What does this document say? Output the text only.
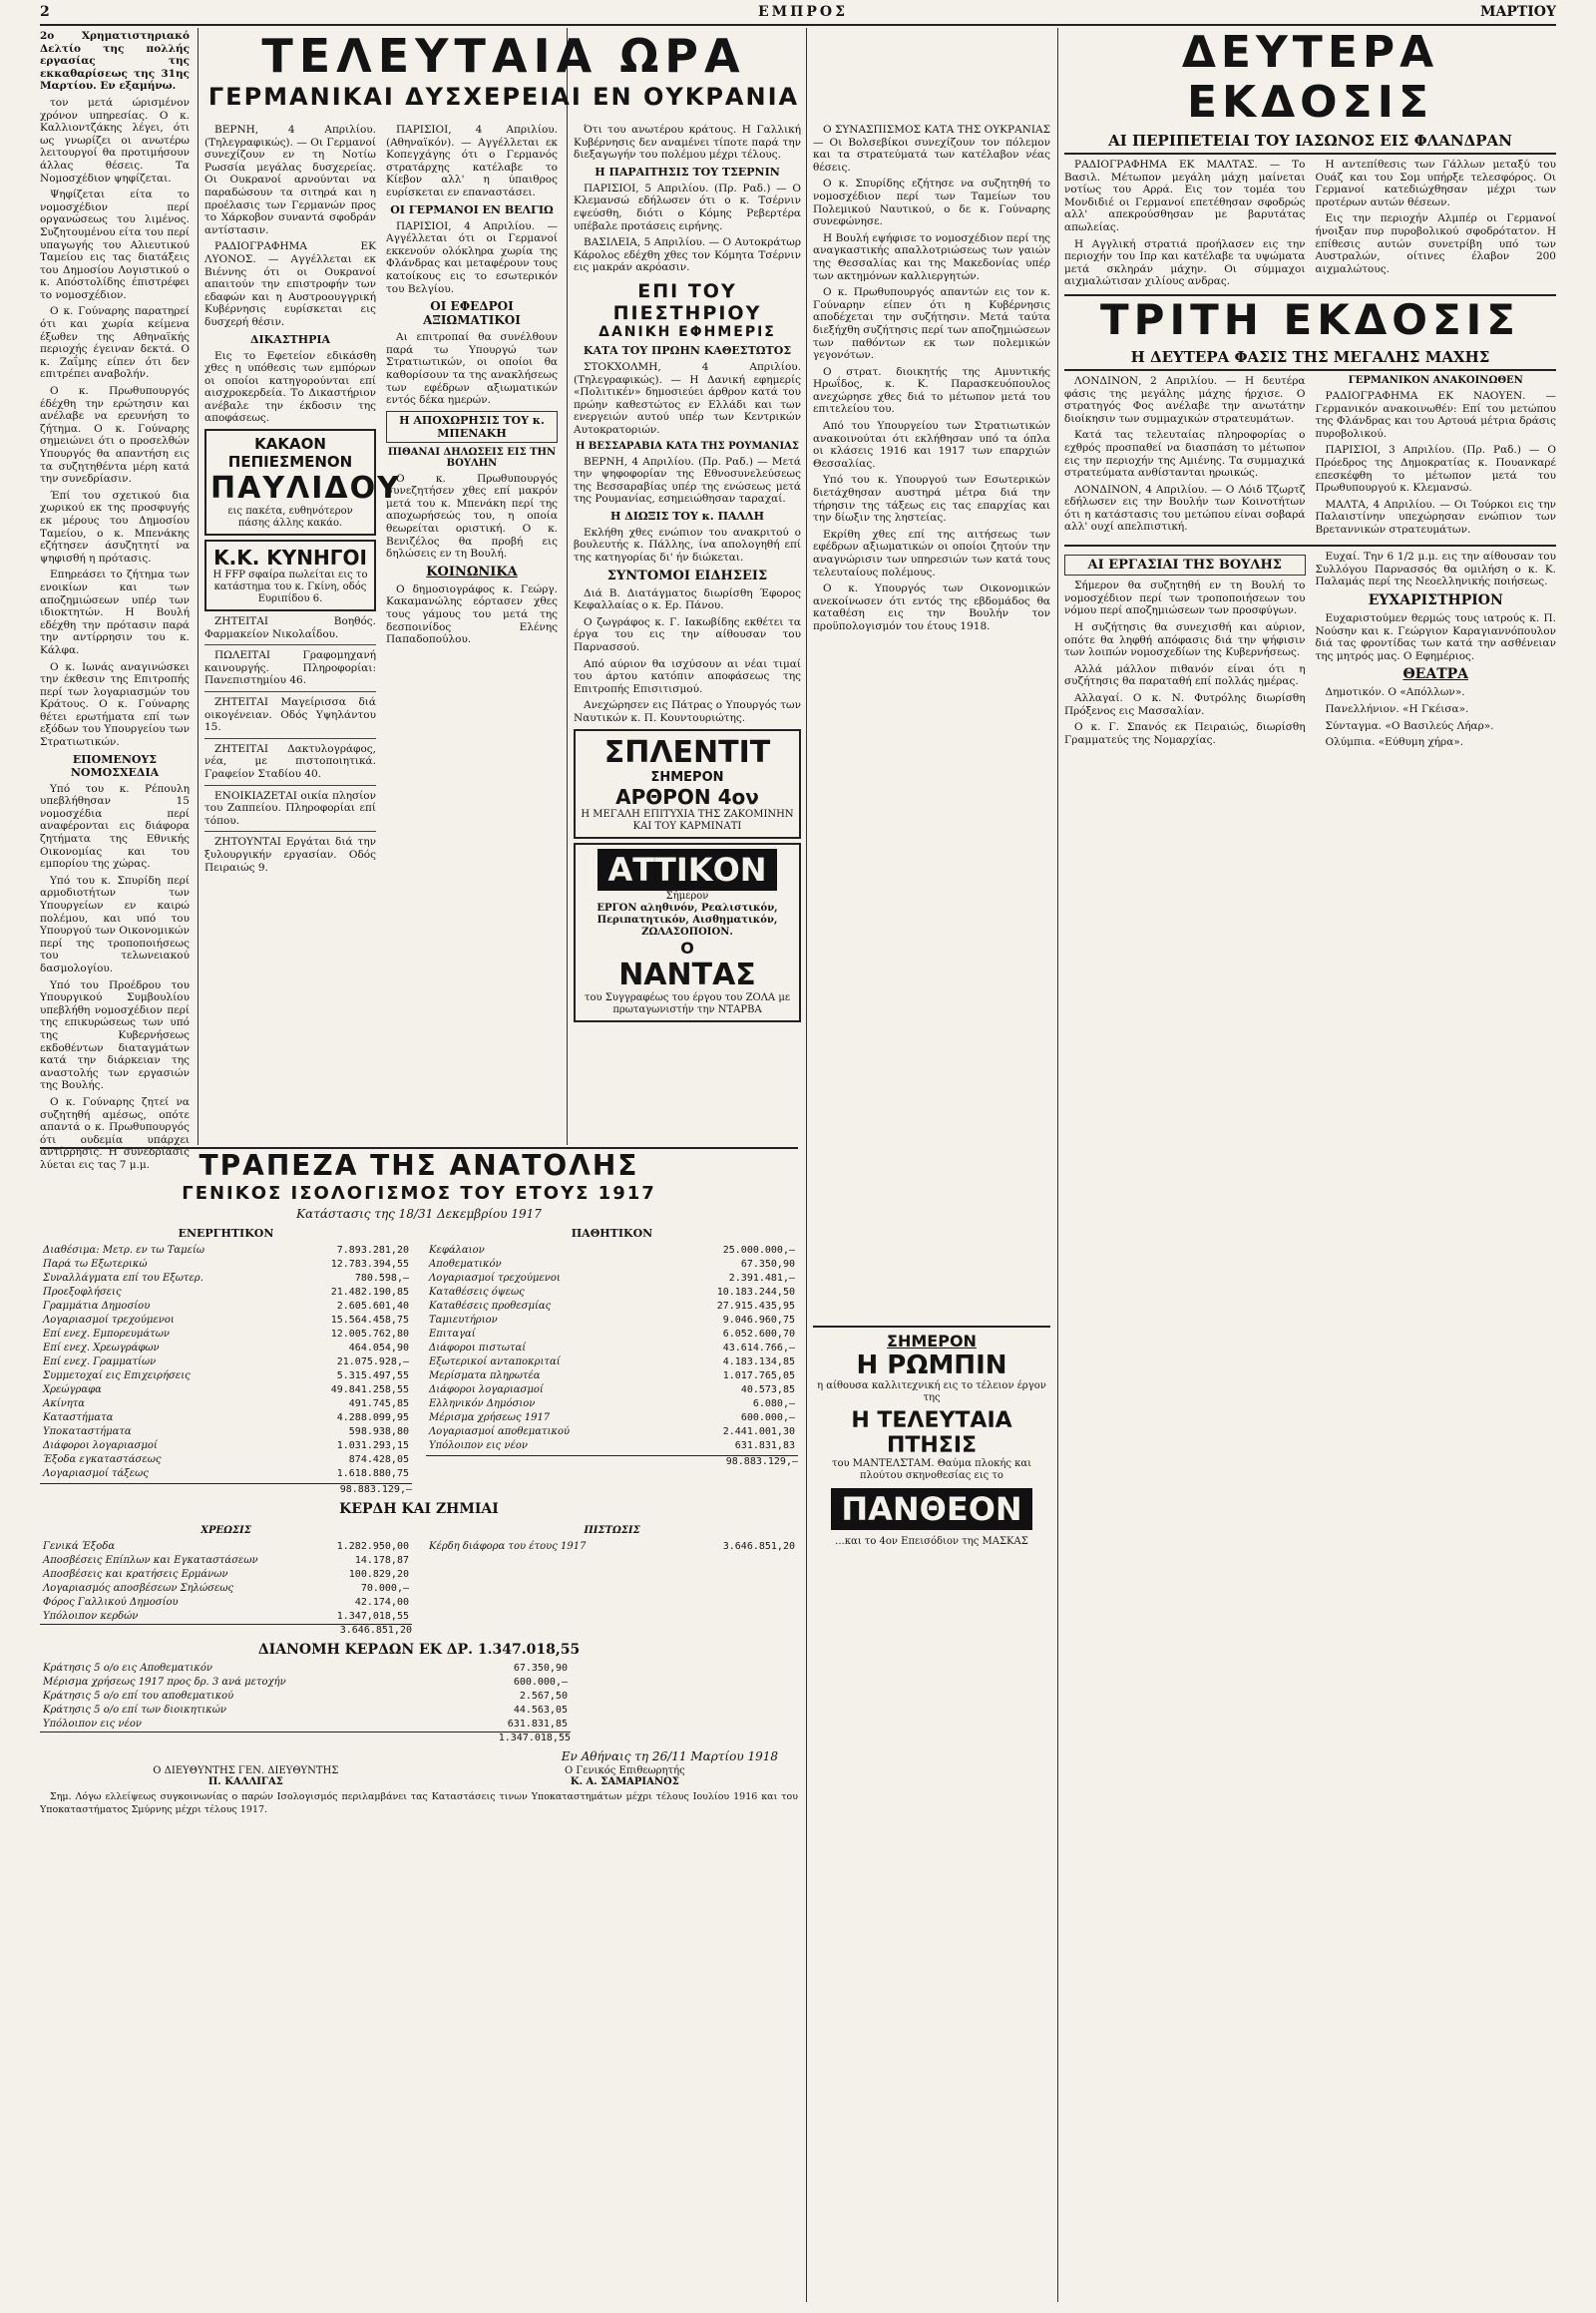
2	ΕΜΠΡΟΣ	ΜΑΡΤΙΟΥ

2ο Χρηματιστηριακό Δελτίο της πολλής εργασίας της εκκαθαρίσεως της 31ης Μαρτίου. Εν εξαμήνω.

τον μετά ώρισμένον χρόνον υπηρεσίας. Ο κ. Καλλιοντζάκης λέγει, ότι ως γνωρίζει οι ανωτέρω λειτουργοί θα προτιμήσουν άλλας θέσεις. Τα Νομοσχέδιον ψηφίζεται.

Ψηφίζεται είτα το νομοσχέδιον περί οργανώσεως του λιμένος. Συζητουμένου είτα του περί υπαγωγής του Αλιευτικού Ταμείου εις τας διατάξεις του Δημοσίου Λογιστικού ο κ. Απόστολίδης έπιστρέφει το νομοσχέδιον.

Ο κ. Γούναρης παρατηρεί ότι και χωρία κείμενα έξωθεν της Αθηναϊκής περιοχής έγειναν δεκτά. Ο κ. Ζαΐμης είπεν ότι δεν επιτρέπει αναβολήν.

Ο κ. Πρωθυπουργός έδέχθη την ερώτησιν και ανέλαβε να ερευνήση το ζήτημα. Ο κ. Γούναρης σημειώνει ότι ο προσελθών Υπουργός θα απαντήση εις τα συζητηθέντα μέρη κατά την συνεδρίασιν.

Έπί του σχετικού δια χωρικού εκ της προσφυγής εκ μέρους του Δημοσίου Ταμείου, ο κ. Μπενάκης εζήτησεν άσυζητητί να ψηφισθή η πρότασις.

Επηρεάσει το ζήτημα των ενοικίων και των αποζημιώσεων υπέρ των ιδιοκτητών. Η Βουλή εδέχθη την πρότασιν παρά την αντίρρησιν του κ. Κάλφα.

Ο κ. Ιωνάς αναγινώσκει την έκθεσιν της Επιτροπής περί των λογαριασμών του Κράτους. Ο κ. Γούναρης θέτει ερωτήματα επί των εξόδων του Υπουργείου των Στρατιωτικών.

ΕΠΟΜΕΝΟΥΣ ΝΟΜΟΣΧΕΔΙΑ

Υπό του κ. Ρέπουλη υπεβλήθησαν 15 νομοσχέδια περί αναφέρονται εις διάφορα ζητήματα της Εθνικής Οικονομίας και του εμπορίου της χώρας.

Υπό του κ. Σπυρίδη περί αρμοδιοτήτων των Υπουργείων εν καιρώ πολέμου, και υπό του Υπουργού των Οικονομικών περί της τροποποιήσεως του τελωνειακού δασμολογίου.

Υπό του Προέδρου του Υπουργικού Συμβουλίου υπεβλήθη νομοσχέδιον περί της επικυρώσεως των υπό της Κυβερνήσεως εκδοθέντων διαταγμάτων κατά την διάρκειαν της αναστολής των εργασιών της Βουλής.

Ο κ. Γούναρης ζητεί να συζητηθή αμέσως, οπότε απαντά ο κ. Πρωθυπουργός ότι ουδεμία υπάρχει αντίρρησις. Η συνεδρίασις λύεται εις τας 7 μ.μ.

ΤΕΛΕΥΤΑΙΑ ΩΡΑ
ΓΕΡΜΑΝΙΚΑΙ ΔΥΣΧΕΡΕΙΑΙ ΕΝ ΟΥΚΡΑΝΙΑ

ΒΕΡΝΗ, 4 Απριλίου. (Τηλεγραφικώς). — Οι Γερμανοί συνεχίζουν εν τη Νοτίω Ρωσσία μεγάλας δυσχερείας. Οι Ουκρανοί αρνούνται να παραδώσουν τα σιτηρά και η προέλασις των Γερμανών προς το Χάρκοβον συναντά σφοδράν αντίστασιν.

ΡΑΔΙΟΓΡΑΦΗΜΑ ΕΚ ΛΥΟΝΟΣ. — Αγγέλλεται εκ Βιέννης ότι οι Ουκρανοί απαιτούν την επιστροφήν των εδαφών και η Αυστροουγγρική Κυβέρνησις ευρίσκεται εις δυσχερή θέσιν.

ΔΙΚΑΣΤΗΡΙΑ

Εις το Εφετείον εδικάσθη χθες η υπόθεσις των εμπόρων οι οποίοι κατηγορούνται επί αισχροκερδεία. Το Δικαστήριον ανέβαλε την έκδοσιν της αποφάσεως.

ΚΑΚΑΟΝ ΠΕΠΙΕΣΜΕΝΟΝ
ΠΑΥΛΙΔΟΥ
εις πακέτα, ευθηνότερον πάσης άλλης κακάο.
Κ.Κ. ΚΥΝΗΓΟΙ
Η FFP σφαίρα πωλείται εις το κατάστημα του κ. Γκίνη, οδός Ευριπίδου 6.

ΖΗΤΕΙΤΑΙ Βοηθός. Φαρμακείον Νικολαΐδου.

ΠΩΛΕΙΤΑΙ Γραφομηχανή καινουργής. Πληροφορίαι: Πανεπιστημίου 46.

ΖΗΤΕΙΤΑΙ Μαγείρισσα διά οικογένειαν. Οδός Υψηλάντου 15.

ΖΗΤΕΙΤΑΙ Δακτυλογράφος, νέα, με πιστοποιητικά. Γραφείον Σταδίου 40.

ΕΝΟΙΚΙΑΖΕΤΑΙ οικία πλησίον του Ζαππείου. Πληροφορίαι επί τόπου.

ΖΗΤΟΥΝΤΑΙ Εργάται διά την ξυλουργικήν εργασίαν. Οδός Πειραιώς 9.

ΠΑΡΙΣΙΟΙ, 4 Απριλίου. (Αθηναϊκόν). — Αγγέλλεται εκ Κοπεγχάγης ότι ο Γερμανός στρατάρχης κατέλαβε το Κίεβον αλλ' η ύπαιθρος ευρίσκεται εν επαναστάσει.

ΟΙ ΓΕΡΜΑΝΟΙ ΕΝ ΒΕΛΓΙΩ

ΠΑΡΙΣΙΟΙ, 4 Απριλίου. — Αγγέλλεται ότι οι Γερμανοί εκκενούν ολόκληρα χωρία της Φλάνδρας και μεταφέρουν τους κατοίκους εις το εσωτερικόν του Βελγίου.

ΟΙ ΕΦΕΔΡΟΙ ΑΞΙΩΜΑΤΙΚΟΙ

Αι επιτροπαί θα συνέλθουν παρά τω Υπουργώ των Στρατιωτικών, οι οποίοι θα καθορίσουν τα της ανακλήσεως των εφέδρων αξιωματικών εντός δέκα ημερών.

Η ΑΠΟΧΩΡΗΣΙΣ ΤΟΥ κ. ΜΠΕΝΑΚΗ
ΠΙΘΑΝΑΙ ΔΗΛΩΣΕΙΣ ΕΙΣ ΤΗΝ ΒΟΥΛΗΝ

Ο κ. Πρωθυπουργός συνεζητήσεν χθες επί μακρόν μετά του κ. Μπενάκη περί της αποχωρήσεώς του, η οποία θεωρείται οριστική. Ο κ. Βενιζέλος θα προβή εις δηλώσεις εν τη Βουλή.

ΚΟΙΝΩΝΙΚΑ

Ο δημοσιογράφος κ. Γεώργ. Κακαμανώλης εόρτασεν χθες τους γάμους του μετά της δεσποινίδος Ελένης Παπαδοπούλου.

Ότι του ανωτέρου κράτους. Η Γαλλική Κυβέρνησις δεν αναμένει τίποτε παρά την διεξαγωγήν του πολέμου μέχρι τέλους.

Η ΠΑΡΑΙΤΗΣΙΣ ΤΟΥ ΤΣΕΡΝΙΝ

ΠΑΡΙΣΙΟΙ, 5 Απριλίου. (Πρ. Ραδ.) — Ο Κλεμανσώ εδήλωσεν ότι ο κ. Τσέρνιν εψεύσθη, διότι ο Κόμης Ρεβερτέρα υπέβαλε προτάσεις ειρήνης.

ΒΑΣΙΛΕΙΑ, 5 Απριλίου. — Ο Αυτοκράτωρ Κάρολος εδέχθη χθες τον Κόμητα Τσέρνιν εις μακράν ακρόασιν.

ΕΠΙ ΤΟΥ ΠΙΕΣΤΗΡΙΟΥ
ΔΑΝΙΚΗ ΕΦΗΜΕΡΙΣ
ΚΑΤΑ ΤΟΥ ΠΡΩΗΝ ΚΑΘΕΣΤΩΤΟΣ

ΣΤΟΚΧΟΛΜΗ, 4 Απριλίου. (Τηλεγραφικώς). — Η Δανική εφημερίς «Πολιτικέν» δημοσιεύει άρθρον κατά του πρώην καθεστώτος εν Ελλάδι και των ενεργειών αυτού υπέρ των Κεντρικών Αυτοκρατοριών.

Η ΒΕΣΣΑΡΑΒΙΑ ΚΑΤΑ ΤΗΣ ΡΟΥΜΑΝΙΑΣ

ΒΕΡΝΗ, 4 Απριλίου. (Πρ. Ραδ.) — Μετά την ψηφοφορίαν της Εθνοσυνελεύσεως της Βεσσαραβίας υπέρ της ενώσεως μετά της Ρουμανίας, εσημειώθησαν ταραχαί.

Η ΔΙΩΞΙΣ ΤΟΥ κ. ΠΑΛΛΗ

Εκλήθη χθες ενώπιον του ανακριτού ο βουλευτής κ. Πάλλης, ίνα απολογηθή επί της κατηγορίας δι' ήν διώκεται.

ΣΥΝΤΟΜΟΙ ΕΙΔΗΣΕΙΣ

Διά Β. Διατάγματος διωρίσθη Έφορος Κεφαλλαίας ο κ. Ερ. Πάνου.

Ο ζωγράφος κ. Γ. Ιακωβίδης εκθέτει τα έργα του εις την αίθουσαν του Παρνασσού.

Από αύριον θα ισχύσουν αι νέαι τιμαί του άρτου κατόπιν αποφάσεως της Επιτροπής Επισιτισμού.

Ανεχώρησεν εις Πάτρας ο Υπουργός των Ναυτικών κ. Π. Κουντουριώτης.

ΣΠΛΕΝΤΙΤ
ΣΗΜΕΡΟΝ
ΑΡΘΡΟΝ 4ον
Η ΜΕΓΑΛΗ ΕΠΙΤΥΧΙΑ ΤΗΣ ΖΑΚΟΜΙΝΗΝ ΚΑΙ ΤΟΥ ΚΑΡΜΙΝΑΤΙ
ΑΤΤΙΚΟΝ
Σήμερον
ΕΡΓΟΝ αληθινόν, Ρεαλιστικόν, Περιπατητικόν, Αισθηματικόν, ΖΩΛΑΣΟΠΟΙΟΝ.
Ο
ΝΑΝΤΑΣ
του Συγγραφέως του έργου του ΖΟΛΑ με πρωταγωνιστήν την ΝΤΑΡΒΑ

Ο ΣΥΝΑΣΠΙΣΜΟΣ ΚΑΤΑ ΤΗΣ ΟΥΚΡΑΝΙΑΣ — Οι Βολσεβίκοι συνεχίζουν τον πόλεμον και τα στρατεύματά των κατέλαβον νέας θέσεις.

Ο κ. Σπυρίδης εζήτησε να συζητηθή το νομοσχέδιον περί των Ταμείων του Πολεμικού Ναυτικού, ο δε κ. Γούναρης συνεφώνησε.

Η Βουλή εψήφισε το νομοσχέδιον περί της αναγκαστικής απαλλοτριώσεως των γαιών της Θεσσαλίας και της Μακεδονίας υπέρ των ακτημόνων καλλιεργητών.

Ο κ. Πρωθυπουργός απαντών εις τον κ. Γούναρην είπεν ότι η Κυβέρνησις αποδέχεται την συζήτησιν. Μετά ταύτα διεξήχθη συζήτησις περί των αποζημιώσεων των παθόντων εκ των πολεμικών γεγονότων.

Ο στρατ. διοικητής της Αμυντικής Ηρωΐδος, κ. Κ. Παρασκευόπουλος ανεχώρησε χθες διά το μέτωπον μετά του επιτελείου του.

Από του Υπουργείου των Στρατιωτικών ανακοινούται ότι εκλήθησαν υπό τα όπλα οι κλάσεις 1916 και 1917 των επαρχιών Θεσσαλίας.

Υπό του κ. Υπουργού των Εσωτερικών διετάχθησαν αυστηρά μέτρα διά την τήρησιν της τάξεως εις τας επαρχίας και την δίωξιν της ληστείας.

Εκρίθη χθες επί της αιτήσεως των εφέδρων αξιωματικών οι οποίοι ζητούν την αναγνώρισιν των υπηρεσιών των κατά τους τελευταίους πολέμους.

Ο κ. Υπουργός των Οικονομικών ανεκοίνωσεν ότι εντός της εβδομάδος θα καταθέση εις την Βουλήν τον προϋπολογισμόν του έτους 1918.

ΣΗΜΕΡΟΝ
Η ΡΩΜΠΙΝ
η αίθουσα καλλιτεχνική εις το τέλειον έργον της
Η ΤΕΛΕΥΤΑΙΑ ΠΤΗΣΙΣ
του ΜΑΝΤΕΛΣΤΑΜ. Θαύμα πλοκής και πλούτου σκηνοθεσίας εις το
ΠΑΝΘΕΟΝ
...και το 4ον Επεισόδιον της ΜΑΣΚΑΣ
ΔΕΥΤΕΡΑ ΕΚΔΟΣΙΣ
ΑΙ ΠΕΡΙΠΕΤΕΙΑΙ ΤΟΥ ΙΑΣΩΝΟΣ ΕΙΣ ΦΛΑΝΔΡΑΝ

ΡΑΔΙΟΓΡΑΦΗΜΑ ΕΚ ΜΑΛΤΑΣ. — Το Βασιλ. Μέτωπον μεγάλη μάχη μαίνεται νοτίως του Αρρά. Εις τον τομέα του Μονδιδιέ οι Γερμανοί επετέθησαν σφοδρώς αλλ' απεκρούσθησαν με βαρυτάτας απωλείας.

Η Αγγλική στρατιά προήλασεν εις την περιοχήν του Ιπρ και κατέλαβε τα υψώματα μετά σκληράν μάχην. Οι σύμμαχοι αιχμαλώτισαν χιλίους ανδρας.

Η αντεπίθεσις των Γάλλων μεταξύ του Ουάζ και του Σομ υπήρξε τελεσφόρος. Οι Γερμανοί κατεδιώχθησαν μέχρι των προτέρων αυτών θέσεων.

Εις την περιοχήν Αλμπέρ οι Γερμανοί ήνοιξαν πυρ πυροβολικού σφοδρότατον. Η επίθεσις αυτών συνετρίβη υπό των Αυστραλών, οίτινες έλαβον 200 αιχμαλώτους.

ΤΡΙΤΗ ΕΚΔΟΣΙΣ
Η ΔΕΥΤΕΡΑ ΦΑΣΙΣ ΤΗΣ ΜΕΓΑΛΗΣ ΜΑΧΗΣ

ΛΟΝΔΙΝΟΝ, 2 Απριλίου. — Η δευτέρα φάσις της μεγάλης μάχης ήρχισε. Ο στρατηγός Φος ανέλαβε την ανωτάτην διοίκησιν των συμμαχικών στρατευμάτων.

Κατά τας τελευταίας πληροφορίας ο εχθρός προσπαθεί να διασπάση το μέτωπον εις την περιοχήν της Αμιένης. Τα συμμαχικά στρατεύματα ανθίστανται ηρωικώς.

ΛΟΝΔΙΝΟΝ, 4 Απριλίου. — Ο Λόιδ Τζωρτζ εδήλωσεν εις την Βουλήν των Κοινοτήτων ότι η κατάστασις του μετώπου είναι σοβαρά αλλ' ουχί απελπιστική.

ΓΕΡΜΑΝΙΚΟΝ ΑΝΑΚΟΙΝΩΘΕΝ

ΡΑΔΙΟΓΡΑΦΗΜΑ ΕΚ ΝΑΟΥΕΝ. — Γερμανικόν ανακοινωθέν: Επί του μετώπου της Φλάνδρας και του Αρτουά μέτρια δράσις πυροβολικού.

ΠΑΡΙΣΙΟΙ, 3 Απριλίου. (Πρ. Ραδ.) — Ο Πρόεδρος της Δημοκρατίας κ. Πουανκαρέ επεσκέφθη το μέτωπον μετά του Πρωθυπουργού κ. Κλεμανσώ.

ΜΑΛΤΑ, 4 Απριλίου. — Οι Τούρκοι εις την Παλαιστίνην υπεχώρησαν ενώπιον των Βρεταννικών στρατευμάτων.

ΑΙ ΕΡΓΑΣΙΑΙ ΤΗΣ ΒΟΥΛΗΣ

Σήμερον θα συζητηθή εν τη Βουλή το νομοσχέδιον περί των τροποποιήσεων του νόμου περί αποζημιώσεων των προσφύγων.

Η συζήτησις θα συνεχισθή και αύριον, οπότε θα ληφθή απόφασις διά την ψήφισιν των λοιπών νομοσχεδίων της Κυβερνήσεως.

Αλλά μάλλον πιθανόν είναι ότι η συζήτησις θα παραταθή επί πολλάς ημέρας.

Αλλαγαί. Ο κ. Ν. Φυτρόλης διωρίσθη Πρόξενος εις Μασσαλίαν.

Ο κ. Γ. Σπανός εκ Πειραιώς, διωρίσθη Γραμματεύς της Νομαρχίας.

Ευχαί. Την 6 1/2 μ.μ. εις την αίθουσαν του Συλλόγου Παρνασσός θα ομιλήση ο κ. Κ. Παλαμάς περί της Νεοελληνικής ποιήσεως.

ΕΥΧΑΡΙΣΤΗΡΙΟΝ

Ευχαριστούμεν θερμώς τους ιατρούς κ. Π. Νούσην και κ. Γεώργιον Καραγιαννόπουλον διά τας φροντίδας των κατά την ασθένειαν της μητρός μας. Ο Εφημέριος.

ΘΕΑΤΡΑ

Δημοτικόν. Ο «Απόλλων».

Πανελλήνιον. «Η Γκέισα».

Σύνταγμα. «Ο Βασιλεύς Λήαρ».

Ολύμπια. «Εύθυμη χήρα».

ΤΡΑΠΕΖΑ ΤΗΣ ΑΝΑΤΟΛΗΣ
ΓΕΝΙΚΟΣ ΙΣΟΛΟΓΙΣΜΟΣ ΤΟΥ ΕΤΟΥΣ 1917
Κατάστασις της 18/31 Δεκεμβρίου 1917
ΕΝΕΡΓΗΤΙΚΟΝ
Διαθέσιμα: Μετρ. εν τω Ταμείω	7.893.281,20
Παρά τω Εξωτερικώ	12.783.394,55
Συναλλάγματα επί του Εξωτερ.	780.598,—
Προεξοφλήσεις	21.482.190,85
Γραμμάτια Δημοσίου	2.605.601,40
Λογαριασμοί τρεχούμενοι	15.564.458,75
Επί ενεχ. Εμπορευμάτων	12.005.762,80
Επί ενεχ. Χρεωγράφων	464.054,90
Επί ενεχ. Γραμματίων	21.075.928,—
Συμμετοχαί εις Επιχειρήσεις	5.315.497,55
Χρεώγραφα	49.841.258,55
Ακίνητα	491.745,85
Καταστήματα	4.288.099,95
Υποκαταστήματα	598.938,80
Διάφοροι λογαριασμοί	1.031.293,15
Έξοδα εγκαταστάσεως	874.428,05
Λογαριασμοί τάξεως	1.618.880,75
98.883.129,—
ΠΑΘΗΤΙΚΟΝ
Κεφάλαιον	25.000.000,—
Αποθεματικόν	67.350,90
Λογαριασμοί τρεχούμενοι	2.391.481,—
Καταθέσεις όψεως	10.183.244,50
Καταθέσεις προθεσμίας	27.915.435,95
Ταμιευτήριον	9.046.960,75
Επιταγαί	6.052.600,70
Διάφοροι πιστωταί	43.614.766,—
Εξωτερικοί ανταποκριταί	4.183.134,85
Μερίσματα πληρωτέα	1.017.765,05
Διάφοροι λογαριασμοί	40.573,85
Ελληνικόν Δημόσιον	6.080,—
Μέρισμα χρήσεως 1917	600.000,—
Λογαριασμοί αποθεματικού	2.441.001,30
Υπόλοιπον εις νέον	631.831,83
98.883.129,—
ΚΕΡΔΗ ΚΑΙ ΖΗΜΙΑΙ
ΧΡΕΩΣΙΣ
Γενικά Έξοδα	1.282.950,00
Αποσβέσεις Επίπλων και Εγκαταστάσεων	14.178,87
Αποσβέσεις και κρατήσεις Ερμάνων	100.829,20
Λογαριασμός αποσβέσεων Σηλώσεως	70.000,—
Φόρος Γαλλικού Δημοσίου	42.174,00
Υπόλοιπον κερδών	1.347,018,55
3.646.851,20
ΠΙΣΤΩΣΙΣ
Κέρδη διάφορα του έτους 1917	3.646.851,20
ΔΙΑΝΟΜΗ ΚΕΡΔΩΝ ΕΚ ΔΡ. 1.347.018,55
Κράτησις 5 ο/ο εις Αποθεματικόν	67.350,90
Μέρισμα χρήσεως 1917 προς δρ. 3 ανά μετοχήν	600.000,—
Κράτησις 5 ο/ο επί του αποθεματικού	2.567,50
Κράτησις 5 ο/ο επί των διοικητικών	44.563,05
Υπόλοιπον εις νέον	631.831,85
1.347.018,55
Εν Αθήναις τη 26/11 Μαρτίου 1918
Ο ΔΙΕΥΘΥΝΤΗΣ ΓΕΝ. ΔΙΕΥΘΥΝΤΗΣ
Π. ΚΑΛΛΙΓΑΣ
Ο Γενικός Επιθεωρητής
Κ. Α. ΣΑΜΑΡΙΑΝΟΣ

Σημ. Λόγω ελλείψεως συγκοινωνίας ο παρών Ισολογισμός περιλαμβάνει τας Καταστάσεις τινων Υποκαταστημάτων μέχρι τέλους Ιουλίου 1916 και του Υποκαταστήματος Σμύρνης μέχρι τέλους 1917.
